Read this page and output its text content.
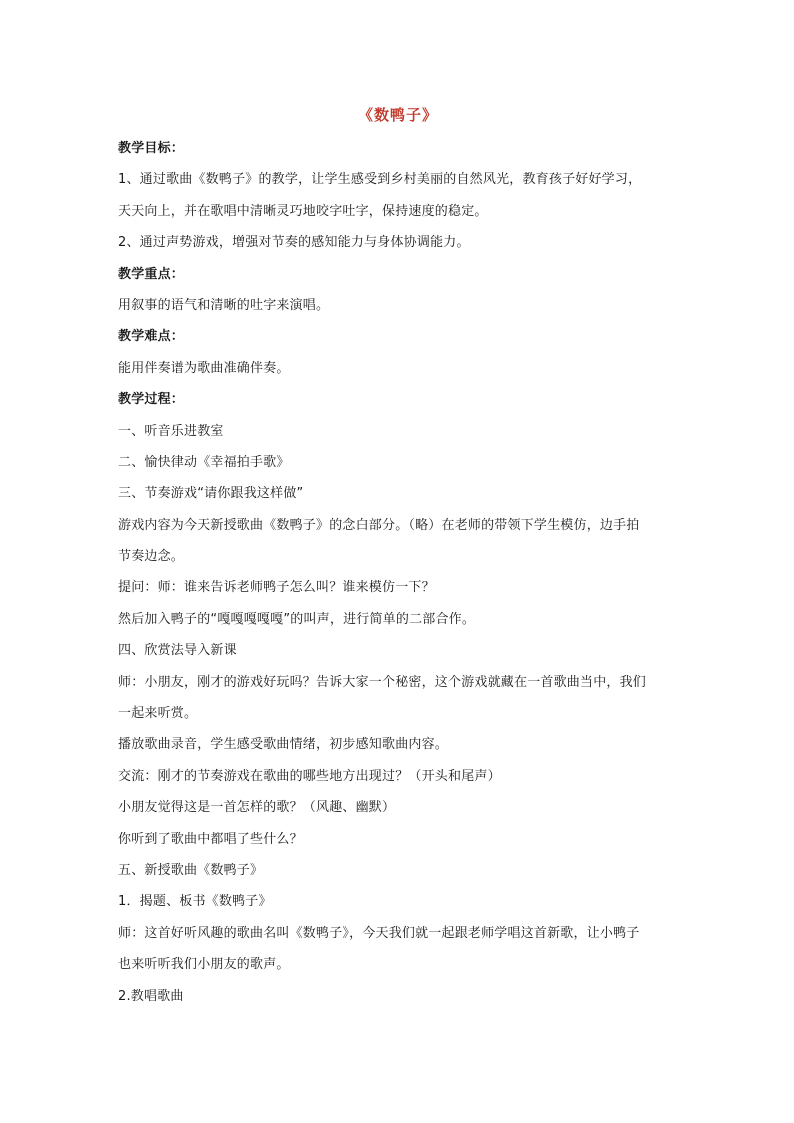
《数鸭子》
教学目标：
1、通过歌曲《数鸭子》的教学，让学生感受到乡村美丽的自然风光，教育孩子好好学习，
天天向上，并在歌唱中清晰灵巧地咬字吐字，保持速度的稳定。
2、通过声势游戏，增强对节奏的感知能力与身体协调能力。
教学重点：
用叙事的语气和清晰的吐字来演唱。
教学难点：
能用伴奏谱为歌曲准确伴奏。
教学过程：
一、听音乐进教室
二、愉快律动《幸福拍手歌》
三、节奏游戏“请你跟我这样做”
游戏内容为今天新授歌曲《数鸭子》的念白部分。（略）在老师的带领下学生模仿，边手拍
节奏边念。
提问：师：谁来告诉老师鸭子怎么叫？谁来模仿一下？
然后加入鸭子的“嘎嘎嘎嘎嘎”的叫声，进行简单的二部合作。
四、欣赏法导入新课
师：小朋友，刚才的游戏好玩吗？告诉大家一个秘密，这个游戏就藏在一首歌曲当中，我们
一起来听赏。
播放歌曲录音，学生感受歌曲情绪，初步感知歌曲内容。
交流：刚才的节奏游戏在歌曲的哪些地方出现过？（开头和尾声）
小朋友觉得这是一首怎样的歌？（风趣、幽默）
你听到了歌曲中都唱了些什么？
五、新授歌曲《数鸭子》
1．揭题、板书《数鸭子》
师：这首好听风趣的歌曲名叫《数鸭子》，今天我们就一起跟老师学唱这首新歌，让小鸭子
也来听听我们小朋友的歌声。
2.教唱歌曲
